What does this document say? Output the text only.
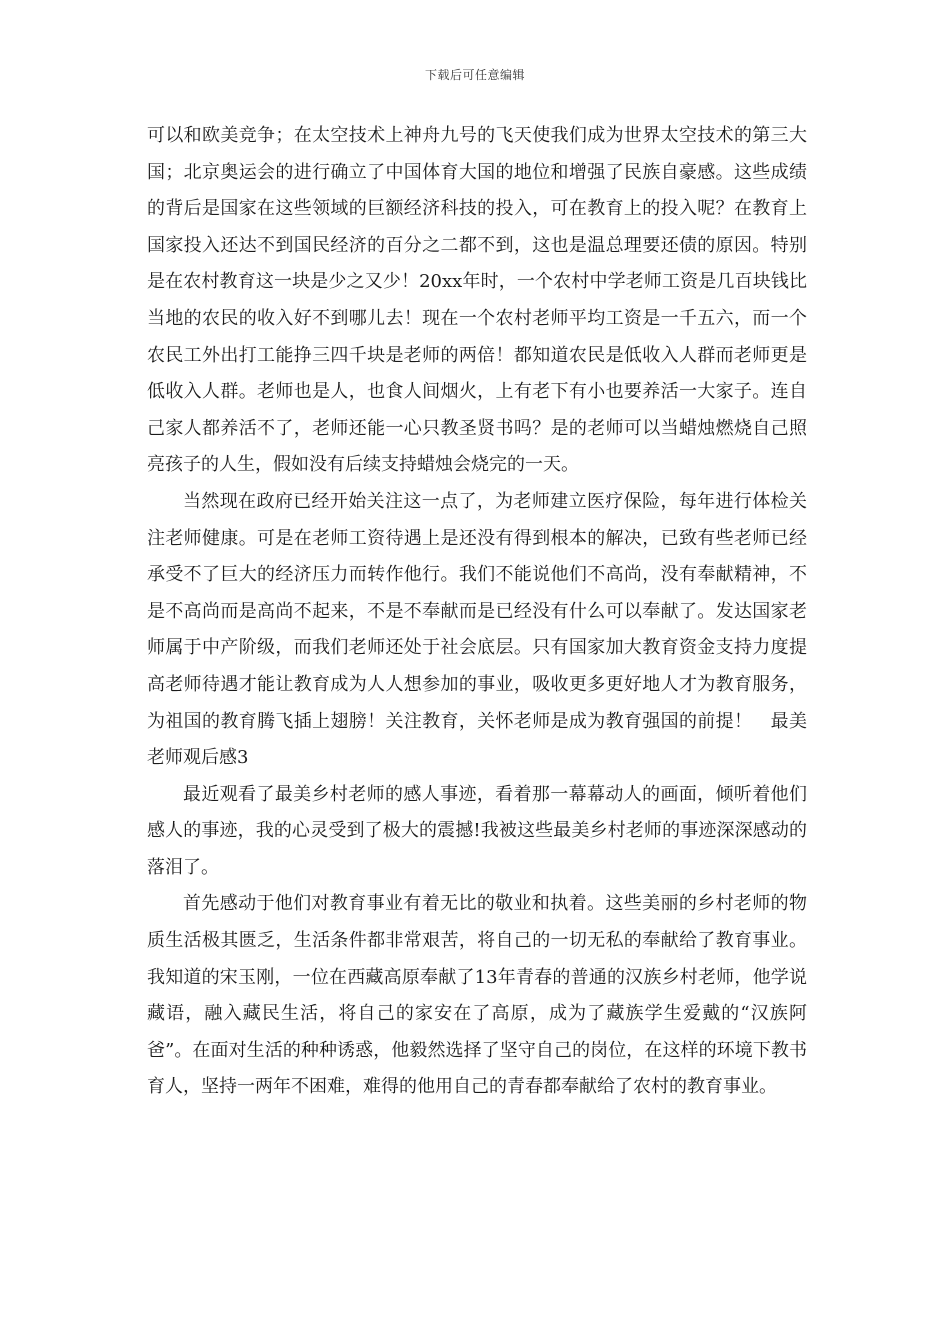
下载后可任意编辑

可以和欧美竞争；在太空技术上神舟九号的飞天使我们成为世界太空技术的第三大国；北京奥运会的进行确立了中国体育大国的地位和增强了民族自豪感。这些成绩的背后是国家在这些领域的巨额经济科技的投入，可在教育上的投入呢？在教育上国家投入还达不到国民经济的百分之二都不到，这也是温总理要还债的原因。特别是在农村教育这一块是少之又少！20xx年时，一个农村中学老师工资是几百块钱比当地的农民的收入好不到哪儿去！现在一个农村老师平均工资是一千五六，而一个农民工外出打工能挣三四千块是老师的两倍！都知道农民是低收入人群而老师更是低收入人群。老师也是人，也食人间烟火，上有老下有小也要养活一大家子。连自己家人都养活不了，老师还能一心只教圣贤书吗？是的老师可以当蜡烛燃烧自己照亮孩子的人生，假如没有后续支持蜡烛会烧完的一天。

当然现在政府已经开始关注这一点了，为老师建立医疗保险，每年进行体检关注老师健康。可是在老师工资待遇上是还没有得到根本的解决，已致有些老师已经承受不了巨大的经济压力而转作他行。我们不能说他们不高尚，没有奉献精神，不是不高尚而是高尚不起来，不是不奉献而是已经没有什么可以奉献了。发达国家老师属于中产阶级，而我们老师还处于社会底层。只有国家加大教育资金支持力度提高老师待遇才能让教育成为人人想参加的事业，吸收更多更好地人才为教育服务，为祖国的教育腾飞插上翅膀！关注教育，关怀老师是成为教育强国的前提！　最美老师观后感3

最近观看了最美乡村老师的感人事迹，看着那一幕幕动人的画面，倾听着他们感人的事迹，我的心灵受到了极大的震撼!我被这些最美乡村老师的事迹深深感动的落泪了。

首先感动于他们对教育事业有着无比的敬业和执着。这些美丽的乡村老师的物质生活极其匮乏，生活条件都非常艰苦，将自己的一切无私的奉献给了教育事业。我知道的宋玉刚，一位在西藏高原奉献了13年青春的普通的汉族乡村老师，他学说藏语，融入藏民生活，将自己的家安在了高原，成为了藏族学生爱戴的“汉族阿爸”。在面对生活的种种诱惑，他毅然选择了坚守自己的岗位，在这样的环境下教书育人，坚持一两年不困难，难得的他用自己的青春都奉献给了农村的教育事业。
